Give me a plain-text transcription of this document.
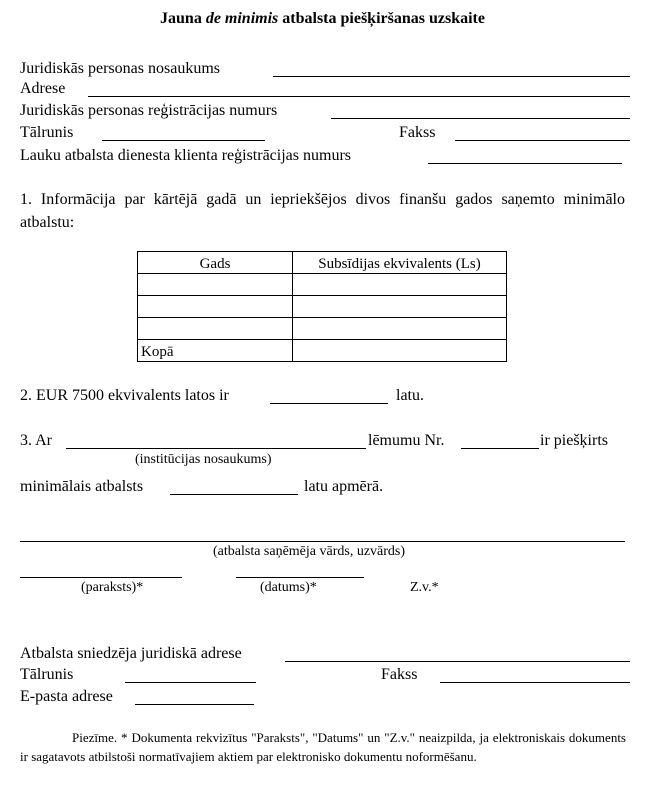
Jauna de minimis atbalsta piešķiršanas uzskaite
Juridiskās personas nosaukums
Adrese
Juridiskās personas reģistrācijas numurs
Tālrunis	Fakss
Lauku atbalsta dienesta klienta reģistrācijas numurs
1. Informācija par kārtējā gadā un iepriekšējos divos finanšu gados saņemto minimālo atbalstu:
Gads	Subsīdijas ekvivalents (Ls)

Kopā	
2. EUR 7500 ekvivalents latos ir	latu.
3. Ar	lēmumu Nr.	ir piešķirts
(institūcijas nosaukums)
minimālais atbalsts	latu apmērā.
(atbalsta saņēmēja vārds, uzvārds)
(paraksts)*	(datums)*	Z.v.*
Atbalsta sniedzēja juridiskā adrese
Tālrunis	Fakss
E-pasta adrese
Piezīme. * Dokumenta rekvizītus "Paraksts", "Datums" un "Z.v." neaizpilda, ja elektroniskais dokuments ir sagatavots atbilstoši normatīvajiem aktiem par elektronisko dokumentu noformēšanu.
